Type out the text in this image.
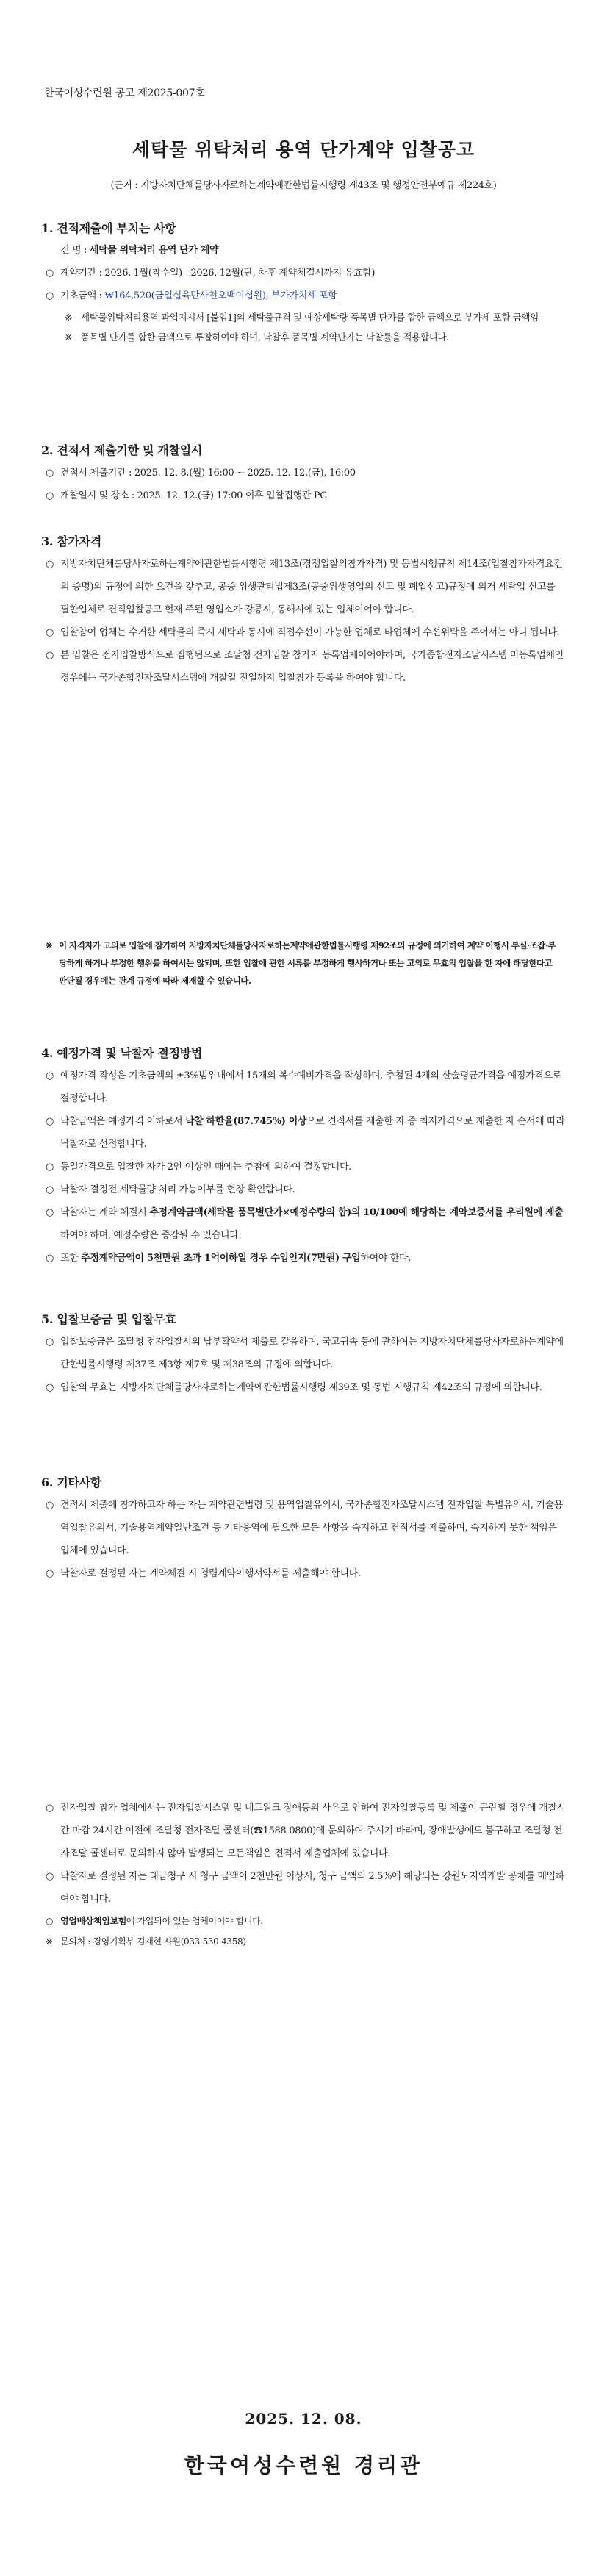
한국여성수련원 공고 제2025-007호
세탁물 위탁처리 용역 단가계약 입찰공고
(근거 : 지방자치단체를당사자로하는계약에관한법률시행령 제43조 및 행정안전부예규 제224호)
1. 견적제출에 부치는 사항
건 명 : 세탁물 위탁처리 용역 단가 계약
○ 계약기간 : 2026. 1월(착수일) - 2026. 12월(단, 차후 계약체결시까지 유효함)
○ 기초금액 : ₩164,520(금일십육만사천오백이십원), 부가가치세 포함
※ 세탁물위탁처리용역 과업지시서 [붙임1]의 세탁물규격 및 예상세탁량 품목별 단가를 합한 금액으로 부가세 포함 금액임
※ 품목별 단가를 합한 금액으로 투찰하여야 하며, 낙찰후 품목별 계약단가는 낙찰률을 적용합니다.
2. 견적서 제출기한 및 개찰일시
○ 견적서 제출기간 : 2025. 12. 8.(월) 16:00 ~ 2025. 12. 12.(금), 16:00
○ 개찰일시 및 장소 : 2025. 12. 12.(금) 17:00 이후 입찰집행관 PC
3. 참가자격
○ 지방자치단체를당사자로하는계약에관한법률시행령 제13조(경쟁입찰의참가자격) 및 동법시행규칙 제14조(입찰참가자격요건의 증명)의 규정에 의한 요건을 갖추고, 공중 위생관리법제3조(공중위생영업의 신고 및 폐업신고)규정에 의거 세탁업 신고를 필한업체로 견적입찰공고 현재 주된 영업소가 강릉시, 동해시에 있는 업체이어야 합니다.
○ 입찰참여 업체는 수거한 세탁물의 즉시 세탁과 동시에 직접수선이 가능한 업체로 타업체에 수선위탁을 주어서는 아니 됩니다.
○ 본 입찰은 전자입찰방식으로 집행됨으로 조달청 전자입찰 참가자 등록업체이어야하며, 국가종합전자조달시스템 미등록업체인 경우에는 국가종합전자조달시스템에 개찰일 전일까지 입찰참가 등록을 하여야 합니다.
※ 이 자격자가 고의로 입찰에 참가하여 지방자치단체를당사자로하는계약에관한법률시행령 제92조의 규정에 의거하여 계약 이행시 부실·조잡·부당하게 하거나 부정한 행위를 하여서는 않되며, 또한 입찰에 관한 서류를 부정하게 행사하거나 또는 고의로 무효의 입찰을 한 자에 해당한다고 판단될 경우에는 관계 규정에 따라 제재할 수 있습니다.
4. 예정가격 및 낙찰자 결정방법
○ 예정가격 작성은 기초금액의 ±3%범위내에서 15개의 복수예비가격을 작성하며, 추첨된 4개의 산술평균가격을 예정가격으로 결정합니다.
○ 낙찰금액은 예정가격 이하로서 낙찰 하한율(87.745%) 이상으로 견적서를 제출한 자 중 최저가격으로 제출한 자 순서에 따라 낙찰자로 선정합니다.
○ 동일가격으로 입찰한 자가 2인 이상인 때에는 추첨에 의하여 결정합니다.
○ 낙찰자 결정전 세탁물량 처리 가능여부를 현장 확인합니다.
○ 낙찰자는 계약 체결시 추정계약금액(세탁물 품목별단가×예정수량의 합)의 10/100에 해당하는 계약보증서를 우리원에 제출하여야 하며, 예정수량은 증감될 수 있습니다.
○ 또한 추정계약금액이 5천만원 초과 1억이하일 경우 수입인지(7만원) 구입하여야 한다.
5. 입찰보증금 및 입찰무효
○ 입찰보증금은 조달청 전자입찰시의 납부확약서 제출로 갈음하며, 국고귀속 등에 관하여는 지방자치단체를당사자로하는계약에관한법률시행령 제37조 제3항 제7호 및 제38조의 규정에 의합니다.
○ 입찰의 무효는 지방자치단체를당사자로하는계약에관한법률시행령 제39조 및 동법 시행규칙 제42조의 규정에 의합니다.
6. 기타사항
○ 견적서 제출에 참가하고자 하는 자는 계약관련법령 및 용역입찰유의서, 국가종합전자조달시스템 전자입찰 특별유의서, 기술용역입찰유의서, 기술용역계약일반조건 등 기타용역에 필요한 모든 사항을 숙지하고 견적서를 제출하며, 숙지하지 못한 책임은 업체에 있습니다.
○ 낙찰자로 결정된 자는 계약체결 시 청렴계약이행서약서를 제출해야 합니다.
○ 전자입찰 참가 업체에서는 전자입찰시스템 및 네트워크 장애등의 사유로 인하여 전자입찰등록 및 제출이 곤란할 경우에 개찰시간 마감 24시간 이전에 조달청 전자조달 콜센터(☎1588-0800)에 문의하여 주시기 바라며, 장애발생에도 불구하고 조달청 전자조달 콜센터로 문의하지 않아 발생되는 모든책임은 견적서 제출업체에 있습니다.
○ 낙찰자로 결정된 자는 대금청구 시 청구 금액이 2천만원 이상시, 청구 금액의 2.5%에 해당되는 강원도지역개발 공채를 매입하여야 합니다.
○ 영업배상책임보험에 가입되어 있는 업체이어야 합니다.
※ 문의처 : 경영기획부 김재현 사원(033-530-4358)
2025. 12. 08.
한국여성수련원 경리관
